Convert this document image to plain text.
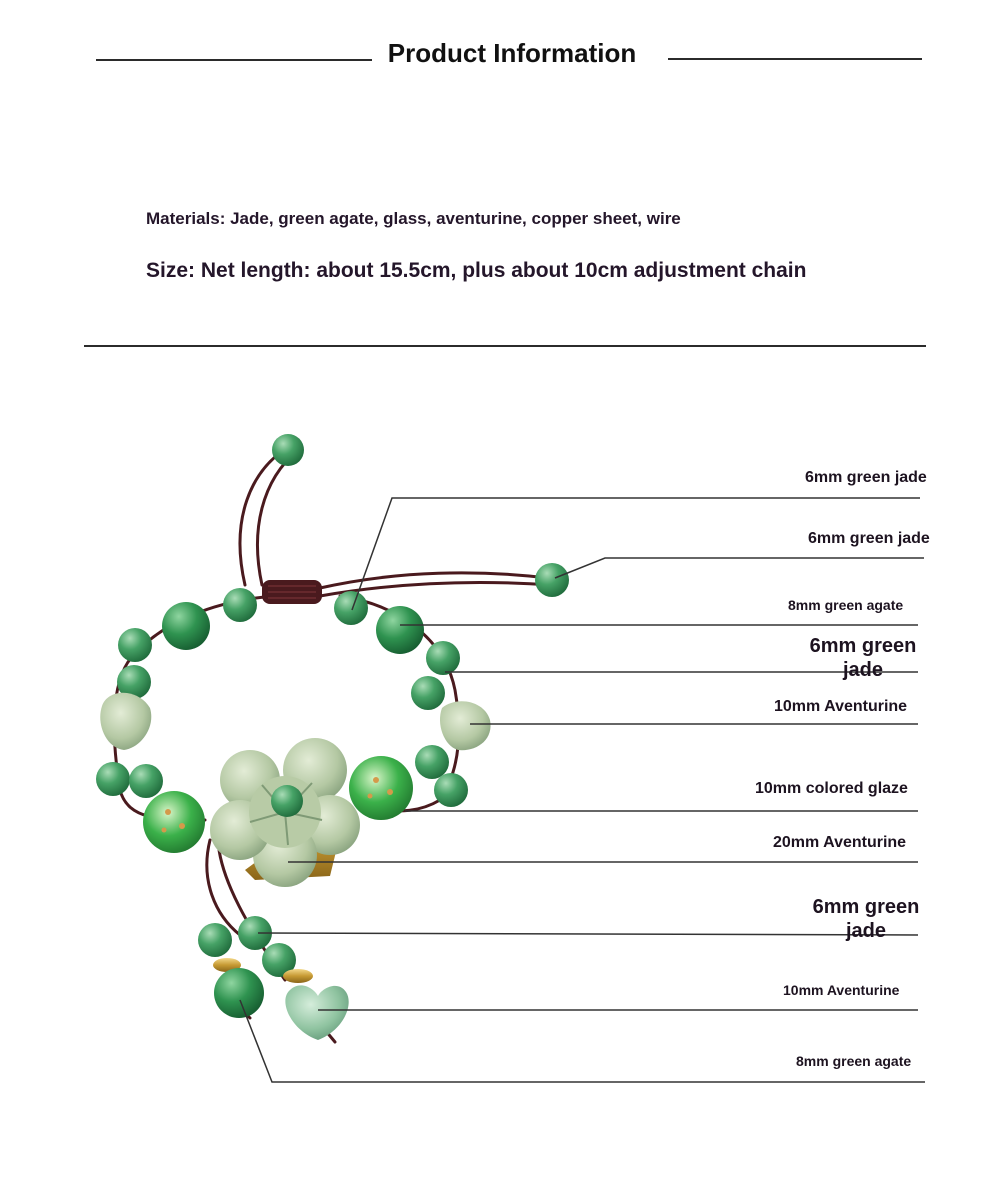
Product Information
Materials: Jade, green agate, glass, aventurine, copper sheet, wire
Size: Net length: about 15.5cm, plus about 10cm adjustment chain
6mm green jade
6mm green jade
8mm green agate
6mm green jade
10mm Aventurine
10mm colored glaze
20mm Aventurine
6mm green jade
10mm Aventurine
8mm green agate
